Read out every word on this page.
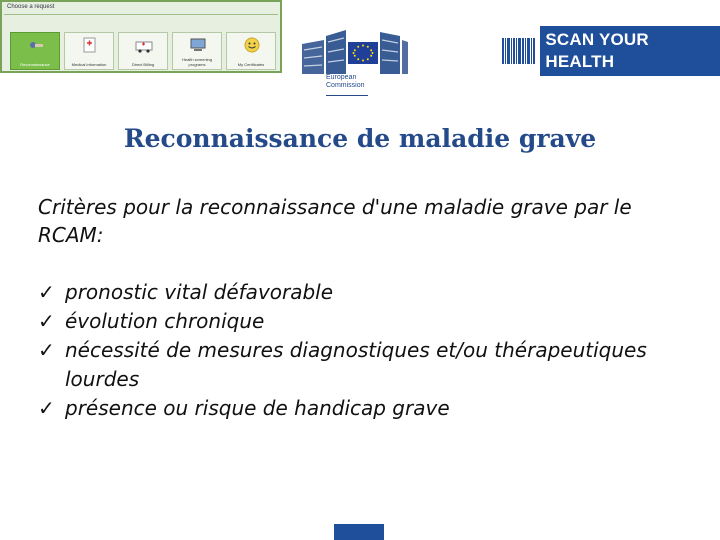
Choose a request
Reconnaissance	Medical information	Direct Billing
Health screening programs	My Certificates
European
Commission
SCAN YOUR HEALTH
Reconnaissance de maladie grave
Critères pour la reconnaissance d'une maladie grave par le RCAM:
✓ pronostic vital défavorable
✓ évolution chronique
✓ nécessité de mesures diagnostiques et/ou thérapeutiques lourdes
✓ présence ou risque de handicap grave
